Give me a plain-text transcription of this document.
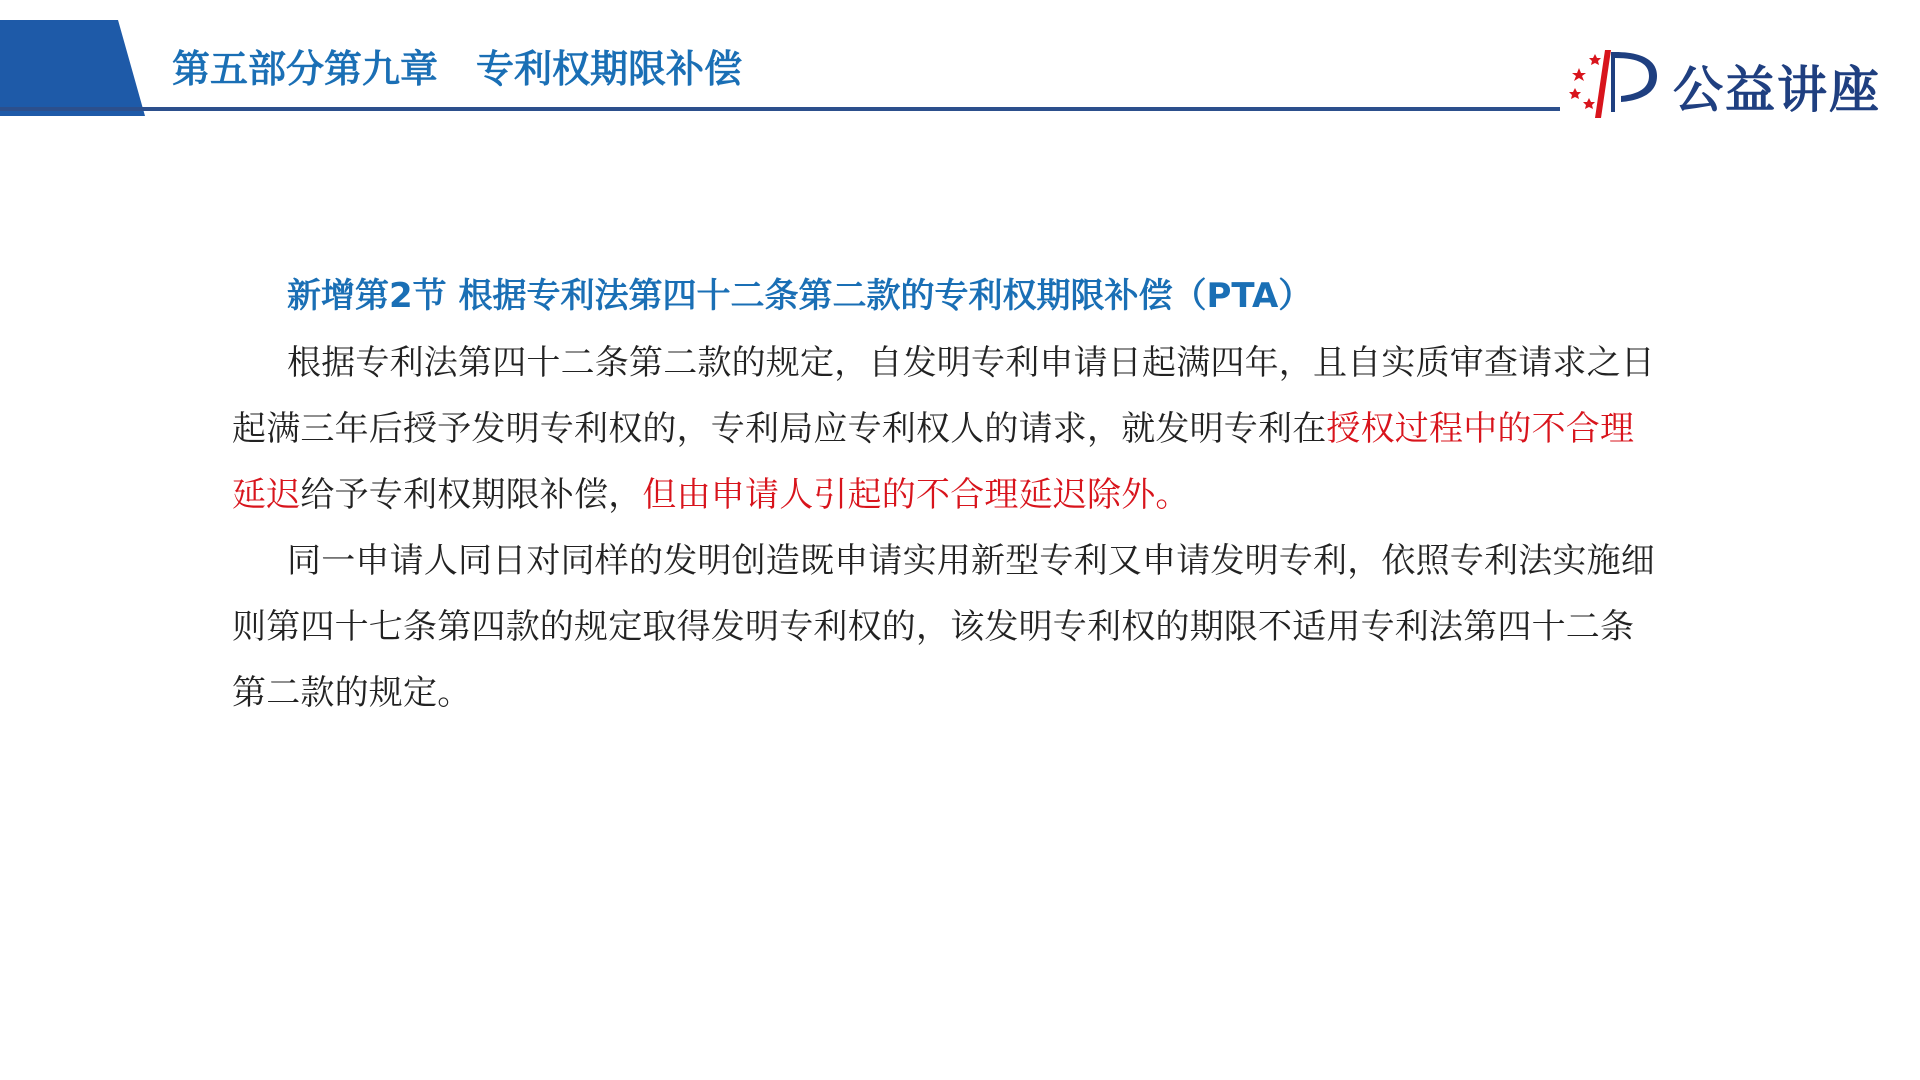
第五部分第九章　专利权期限补偿	公益讲座
新增第2节 根据专利法第四十二条第二款的专利权期限补偿（PTA）
根据专利法第四十二条第二款的规定，自发明专利申请日起满四年，且自实质审查请求之日起满三年后授予发明专利权的，专利局应专利权人的请求，就发明专利在授权过程中的不合理延迟给予专利权期限补偿，但由申请人引起的不合理延迟除外。
同一申请人同日对同样的发明创造既申请实用新型专利又申请发明专利，依照专利法实施细则第四十七条第四款的规定取得发明专利权的，该发明专利权的期限不适用专利法第四十二条第二款的规定。
